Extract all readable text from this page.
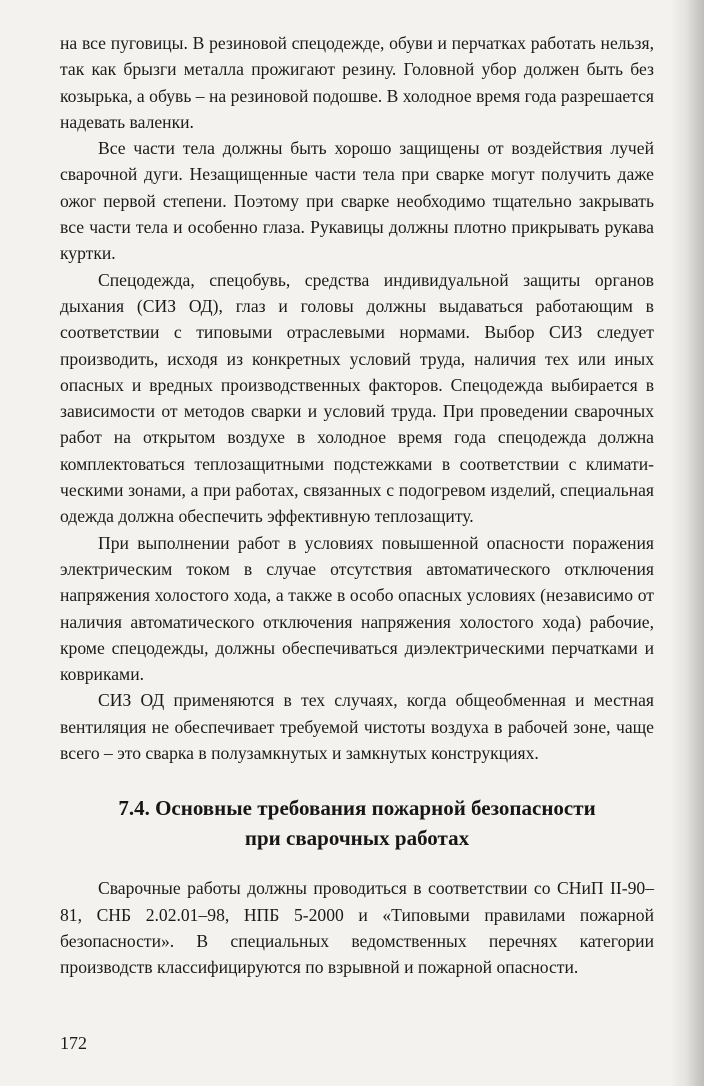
на все пуговицы. В резиновой спецодежде, обуви и перчатках работать нельзя, так как брызги металла прожигают резину. Головной убор должен быть без козырька, а обувь – на резиновой подошве. В холодное время года разрешается надевать валенки.

Все части тела должны быть хорошо защищены от воздействия лучей сварочной дуги. Незащищенные части тела при сварке могут получить даже ожог первой степени. Поэтому при сварке необходимо тщательно закрывать все части тела и особенно глаза. Рукавицы должны плотно прикрывать рукава куртки.

Спецодежда, спецобувь, средства индивидуальной защиты органов дыхания (СИЗ ОД), глаз и головы должны выдаваться работающим в соответствии с типовыми отраслевыми нормами. Выбор СИЗ следует производить, исходя из конкретных условий труда, наличия тех или иных опасных и вредных производственных факторов. Спецодежда выбирается в зависимости от методов сварки и условий труда. При проведении сварочных работ на открытом воздухе в холодное время года спецодежда должна комплектоваться теплозащитными подстежками в соответствии с климатическими зонами, а при работах, связанных с подогревом изделий, специальная одежда должна обеспечить эффективную теплозащиту.

При выполнении работ в условиях повышенной опасности поражения электрическим током в случае отсутствия автоматического отключения напряжения холостого хода, а также в особо опасных условиях (независимо от наличия автоматического отключения напряжения холостого хода) рабочие, кроме спецодежды, должны обеспечиваться диэлектрическими перчатками и ковриками.

СИЗ ОД применяются в тех случаях, когда общеобменная и местная вентиляция не обеспечивает требуемой чистоты воздуха в рабочей зоне, чаще всего – это сварка в полузамкнутых и замкнутых конструкциях.

7.4. Основные требования пожарной безопасности
при сварочных работах

Сварочные работы должны проводиться в соответствии со СНиП II-90–81, СНБ 2.02.01–98, НПБ 5-2000 и «Типовыми правилами пожарной безопасности». В специальных ведомственных перечнях категории производств классифицируются по взрывной и пожарной опасности.

172
